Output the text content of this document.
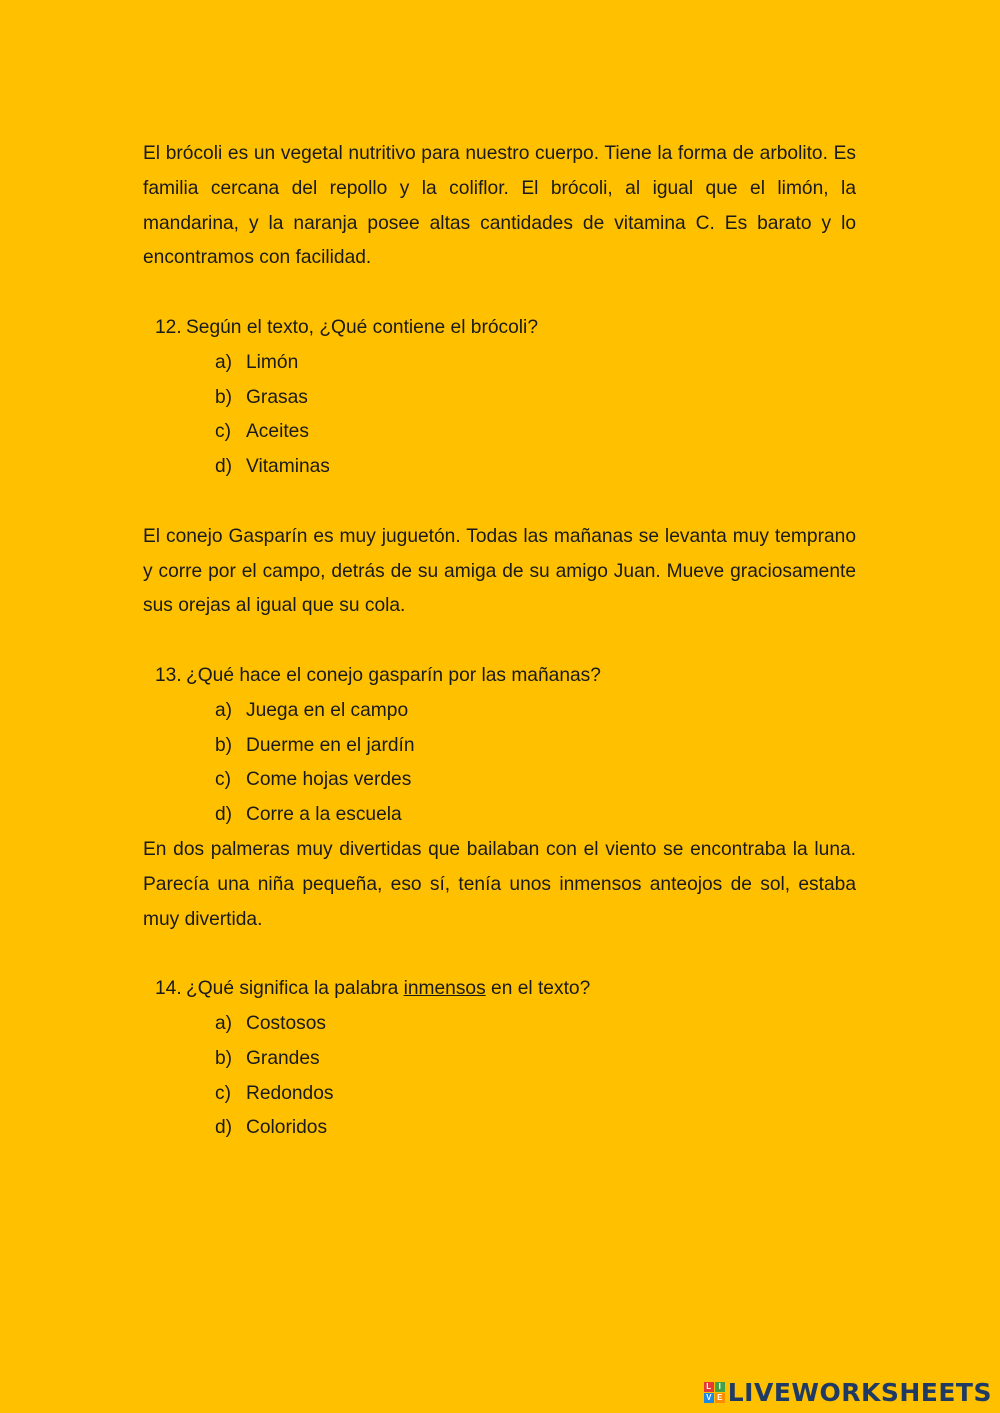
El brócoli es un vegetal nutritivo para nuestro cuerpo. Tiene la forma de arbolito. Es familia cercana del repollo y la coliflor. El brócoli, al igual que el limón, la mandarina, y la naranja posee altas cantidades de vitamina C. Es barato y lo encontramos con facilidad.

12. Según el texto, ¿Qué contiene el brócoli?

a) Limón
b) Grasas
c) Aceites
d) Vitaminas

El conejo Gasparín es muy juguetón. Todas las mañanas se levanta muy temprano y corre por el campo, detrás de su amiga de su amigo Juan. Mueve graciosamente sus orejas al igual que su cola.

13. ¿Qué hace el conejo gasparín por las mañanas?

a) Juega en el campo
b) Duerme en el jardín
c) Come hojas verdes
d) Corre a la escuela

En dos palmeras muy divertidas que bailaban con el viento se encontraba la luna. Parecía una niña pequeña, eso sí, tenía unos inmensos anteojos de sol, estaba muy divertida.

14. ¿Qué significa la palabra inmensos en el texto?

a) Costosos
b) Grandes
c) Redondos
d) Coloridos
L I
V E LIVEWORKSHEETS
